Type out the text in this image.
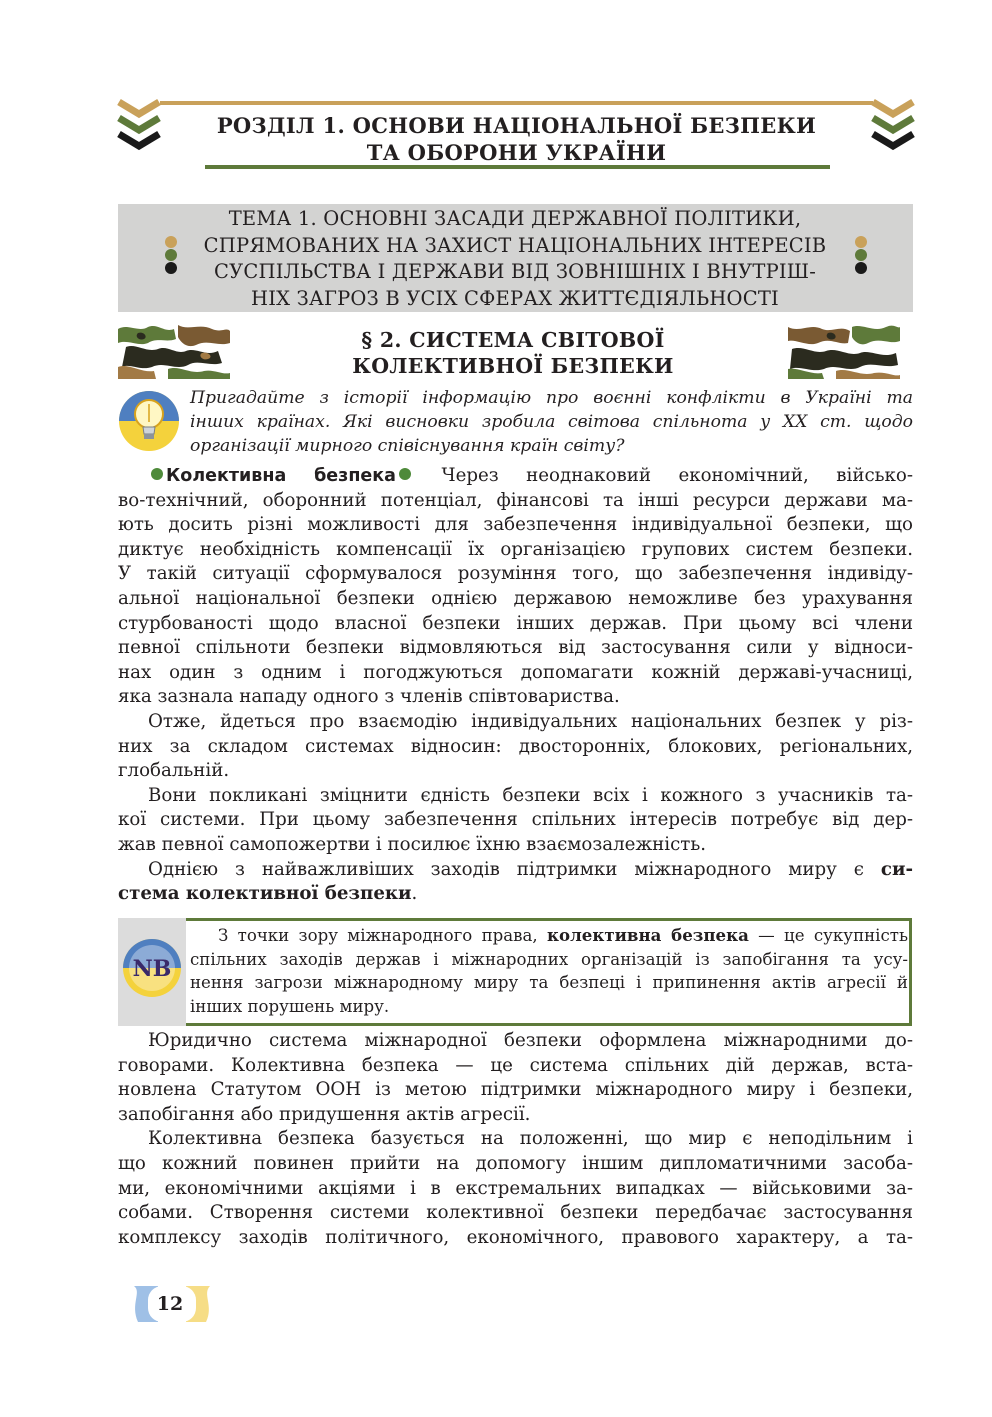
РОЗДІЛ 1. ОСНОВИ НАЦІОНАЛЬНОЇ БЕЗПЕКИ
ТА ОБОРОНИ УКРАЇНИ
ТЕМА 1. ОСНОВНІ ЗАСАДИ ДЕРЖАВНОЇ ПОЛІТИКИ,
СПРЯМОВАНИХ НА ЗАХИСТ НАЦІОНАЛЬНИХ ІНТЕРЕСІВ
СУСПІЛЬСТВА І ДЕРЖАВИ ВІД ЗОВНІШНІХ І ВНУТРІШ-
НІХ ЗАГРОЗ В УСІХ СФЕРАХ ЖИТТЄДІЯЛЬНОСТІ
§ 2. СИСТЕМА СВІТОВОЇ
КОЛЕКТИВНОЇ БЕЗПЕКИ
Пригадайте з історії інформацію про воєнні конфлікти в Україні та
інших країнах. Які висновки зробила світова спільнота у XX ст. щодо
організації мирного співіснування країн світу?
Колективна безпека	Через неоднаковий економічний, військо-
во-технічний, оборонний потенціал, фінансові та інші ресурси держави ма-
ють досить різні можливості для забезпечення індивідуальної безпеки, що
диктує необхідність компенсації їх організацією групових систем безпеки.
У такій ситуації сформувалося розуміння того, що забезпечення індивіду-
альної національної безпеки однією державою неможливе без урахування
стурбованості щодо власної безпеки інших держав. При цьому всі члени
певної спільноти безпеки відмовляються від застосування сили у відноси-
нах один з одним і погоджуються допомагати кожній державі-учасниці,
яка зазнала нападу одного з членів співтовариства.
Отже, йдеться про взаємодію індивідуальних національних безпек у різ-
них за складом системах відносин: двосторонніх, блокових, регіональних,
глобальній.
Вони покликані зміцнити єдність безпеки всіх і кожного з учасників та-
кої системи. При цьому забезпечення спільних інтересів потребує від дер-
жав певної самопожертви і посилює їхню взаємозалежність.
Однією з найважливіших заходів підтримки міжнародного миру є си-
стема колективної безпеки.
NB
З точки зору міжнародного права, колективна безпека — це сукупність
спільних заходів держав і міжнародних організацій із запобігання та усу-
нення загрози міжнародному миру та безпеці і припинення актів агресії й
інших порушень миру.
Юридично система міжнародної безпеки оформлена міжнародними до-
говорами. Колективна безпека — це система спільних дій держав, вста-
новлена Статутом ООН із метою підтримки міжнародного миру і безпеки,
запобігання або придушення актів агресії.
Колективна безпека базується на положенні, що мир є неподільним і
що кожний повинен прийти на допомогу іншим дипломатичними засоба-
ми, економічними акціями і в екстремальних випадках — військовими за-
собами. Створення системи колективної безпеки передбачає застосування
комплексу заходів політичного, економічного, правового характеру, а та-
12
